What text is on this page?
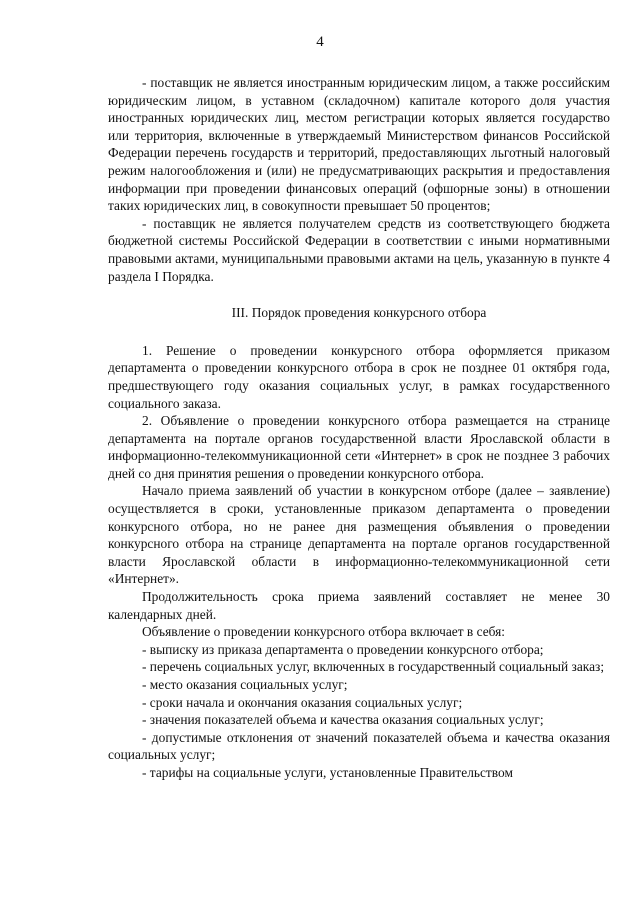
4

- поставщик не является иностранным юридическим лицом, а также российским юридическим лицом, в уставном (складочном) капитале которого доля участия иностранных юридических лиц, местом регистрации которых является государство или территория, включенные в утверждаемый Министерством финансов Российской Федерации перечень государств и территорий, предоставляющих льготный налоговый режим налогообложения и (или) не предусматривающих раскрытия и предоставления информации при проведении финансовых операций (офшорные зоны) в отношении таких юридических лиц, в совокупности превышает 50 процентов;

- поставщик не является получателем средств из соответствующего бюджета бюджетной системы Российской Федерации в соответствии с иными нормативными правовыми актами, муниципальными правовыми актами на цель, указанную в пункте 4 раздела I Порядка.

III. Порядок проведения конкурсного отбора

1. Решение о проведении конкурсного отбора оформляется приказом департамента о проведении конкурсного отбора в срок не позднее 01 октября года, предшествующего году оказания социальных услуг, в рамках государственного социального заказа.

2. Объявление о проведении конкурсного отбора размещается на странице департамента на портале органов государственной власти Ярославской области в информационно-телекоммуникационной сети «Интернет» в срок не позднее 3 рабочих дней со дня принятия решения о проведении конкурсного отбора.

Начало приема заявлений об участии в конкурсном отборе (далее – заявление) осуществляется в сроки, установленные приказом департамента о проведении конкурсного отбора, но не ранее дня размещения объявления о проведении конкурсного отбора на странице департамента на портале органов государственной власти Ярославской области в информационно-телекоммуникационной сети «Интернет».

Продолжительность срока приема заявлений составляет не менее 30 календарных дней.

Объявление о проведении конкурсного отбора включает в себя:

- выписку из приказа департамента о проведении конкурсного отбора;

- перечень социальных услуг, включенных в государственный социальный заказ;

- место оказания социальных услуг;

- сроки начала и окончания оказания социальных услуг;

- значения показателей объема и качества оказания социальных услуг;

- допустимые отклонения от значений показателей объема и качества оказания социальных услуг;

- тарифы на социальные услуги, установленные Правительством
